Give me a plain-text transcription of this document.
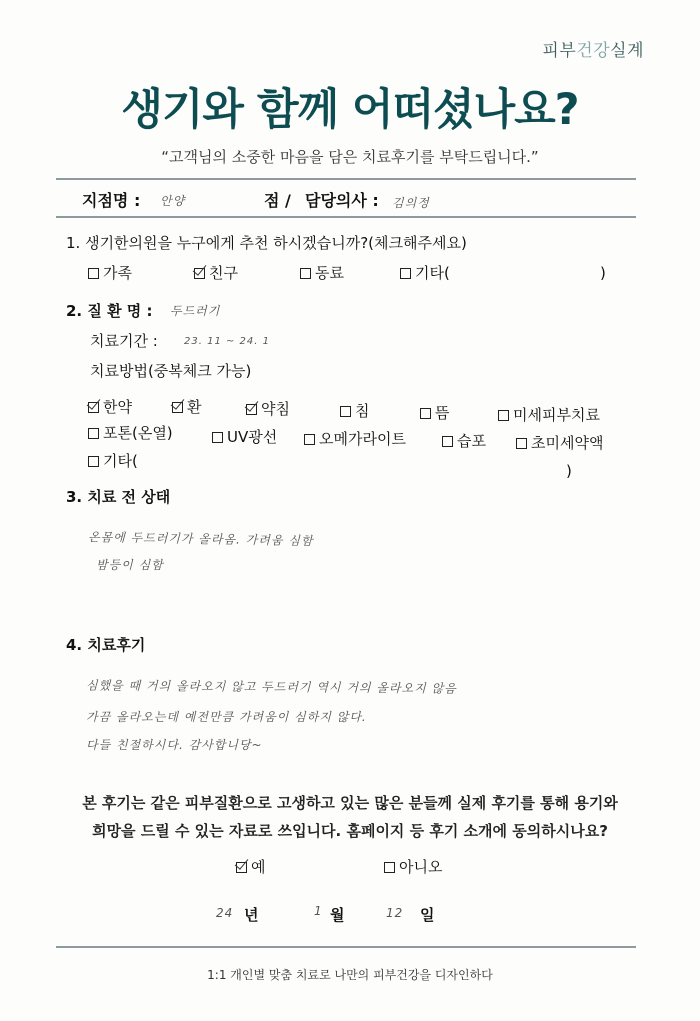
피부건강실계
생기와 함께 어떠셨나요?
“고객님의 소중한 마음을 담은 치료후기를 부탁드립니다.”
지점명 : 안양	점 / 담당의사 : 김의정
1. 생기한의원을 누구에게 추천 하시겠습니까?(체크해주세요)
가족	친구	동료	기타(	)
2. 질 환 명 : 두드러기
치료기간 :	23. 11 ~ 24. 1
치료방법(중복체크 가능)
한약	환	약침	침	뜸	미세피부치료
포톤(온열)	UV광선	오메가라이트	습포	초미세약액
기타(
)
3. 치료 전 상태
온몸에 두드러기가 올라옴. 가려움 심함
밤등이 심함
4. 치료후기
심했을 때 거의 올라오지 않고 두드러기 역시 거의 올라오지 않음
가끔 올라오는데 예전만큼 가려움이 심하지 않다.
다들 친절하시다. 감사합니당~
본 후기는 같은 피부질환으로 고생하고 있는 많은 분들께 실제 후기를 통해 용기와
희망을 드릴 수 있는 자료로 쓰입니다. 홈페이지 등 후기 소개에 동의하시나요?
예	아니오
24 년	1 월	12 일
1:1 개인별 맞춤 치료로 나만의 피부건강을 디자인하다
